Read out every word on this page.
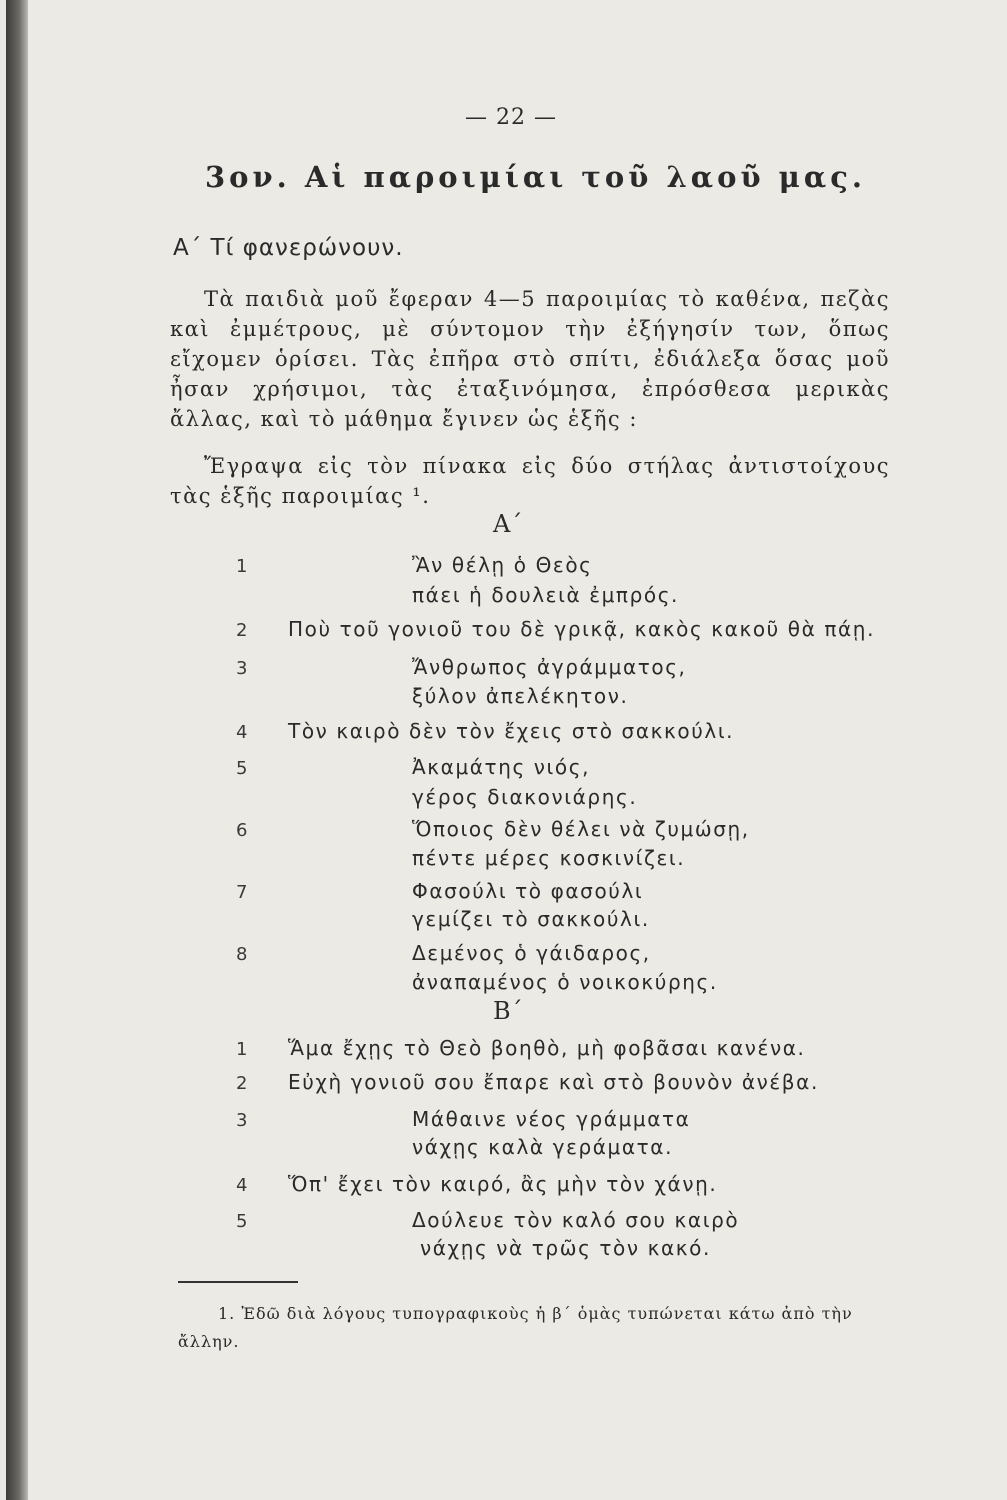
— 22 —
3ον. Αἱ παροιμίαι τοῦ λαοῦ μας.
Α΄ Τί φανερώνουν.
Τὰ παιδιὰ μοῦ ἔφεραν 4—5 παροιμίας τὸ καθένα, πεζὰς καὶ ἐμμέτρους, μὲ σύντομον τὴν ἐξήγησίν των, ὅπως εἴχομεν ὁρίσει. Τὰς ἐπῆρα στὸ σπίτι, ἐδιάλεξα ὅσας μοῦ ἦσαν χρήσιμοι, τὰς ἐταξινόμησα, ἐπρόσθεσα μερικὰς ἄλλας, καὶ τὸ μάθημα ἔγινεν ὡς ἑξῆς :
Ἔγραψα εἰς τὸν πίνακα εἰς δύο στήλας ἀντιστοίχους τὰς ἑξῆς παροιμίας ¹.
Α΄
1	Ἂν θέλῃ ὁ Θεὸς
πάει ἡ δουλειὰ ἐμπρός.
2 Ποὺ τοῦ γονιοῦ του δὲ γρικᾷ, κακὸς κακοῦ θὰ πάῃ.
3	Ἄνθρωπος ἀγράμματος,
ξύλον ἀπελέκητον.
4 Τὸν καιρὸ δὲν τὸν ἔχεις στὸ σακκούλι.
5	Ἀκαμάτης νιός,
γέρος διακονιάρης.
6	Ὅποιος δὲν θέλει νὰ ζυμώσῃ,
πέντε μέρες κοσκινίζει.
7	Φασούλι τὸ φασούλι
γεμίζει τὸ σακκούλι.
8	Δεμένος ὁ γάιδαρος,
ἀναπαμένος ὁ νοικοκύρης.
Β΄
1 Ἅμα ἔχῃς τὸ Θεὸ βοηθὸ, μὴ φοβᾶσαι κανένα.
2 Εὐχὴ γονιοῦ σου ἔπαρε καὶ στὸ βουνὸν ἀνέβα.
3	Μάθαινε νέος γράμματα
νάχῃς καλὰ γεράματα.
4 Ὅπ' ἔχει τὸν καιρό, ἂς μὴν τὸν χάνῃ.
5	Δούλευε τὸν καλό σου καιρὸ
νάχῃς νὰ τρῶς τὸν κακό.
1. Ἐδῶ διὰ λόγους τυπογραφικοὺς ἡ β΄ ὁμὰς τυπώνεται κάτω ἀπὸ τὴν ἄλλην.
